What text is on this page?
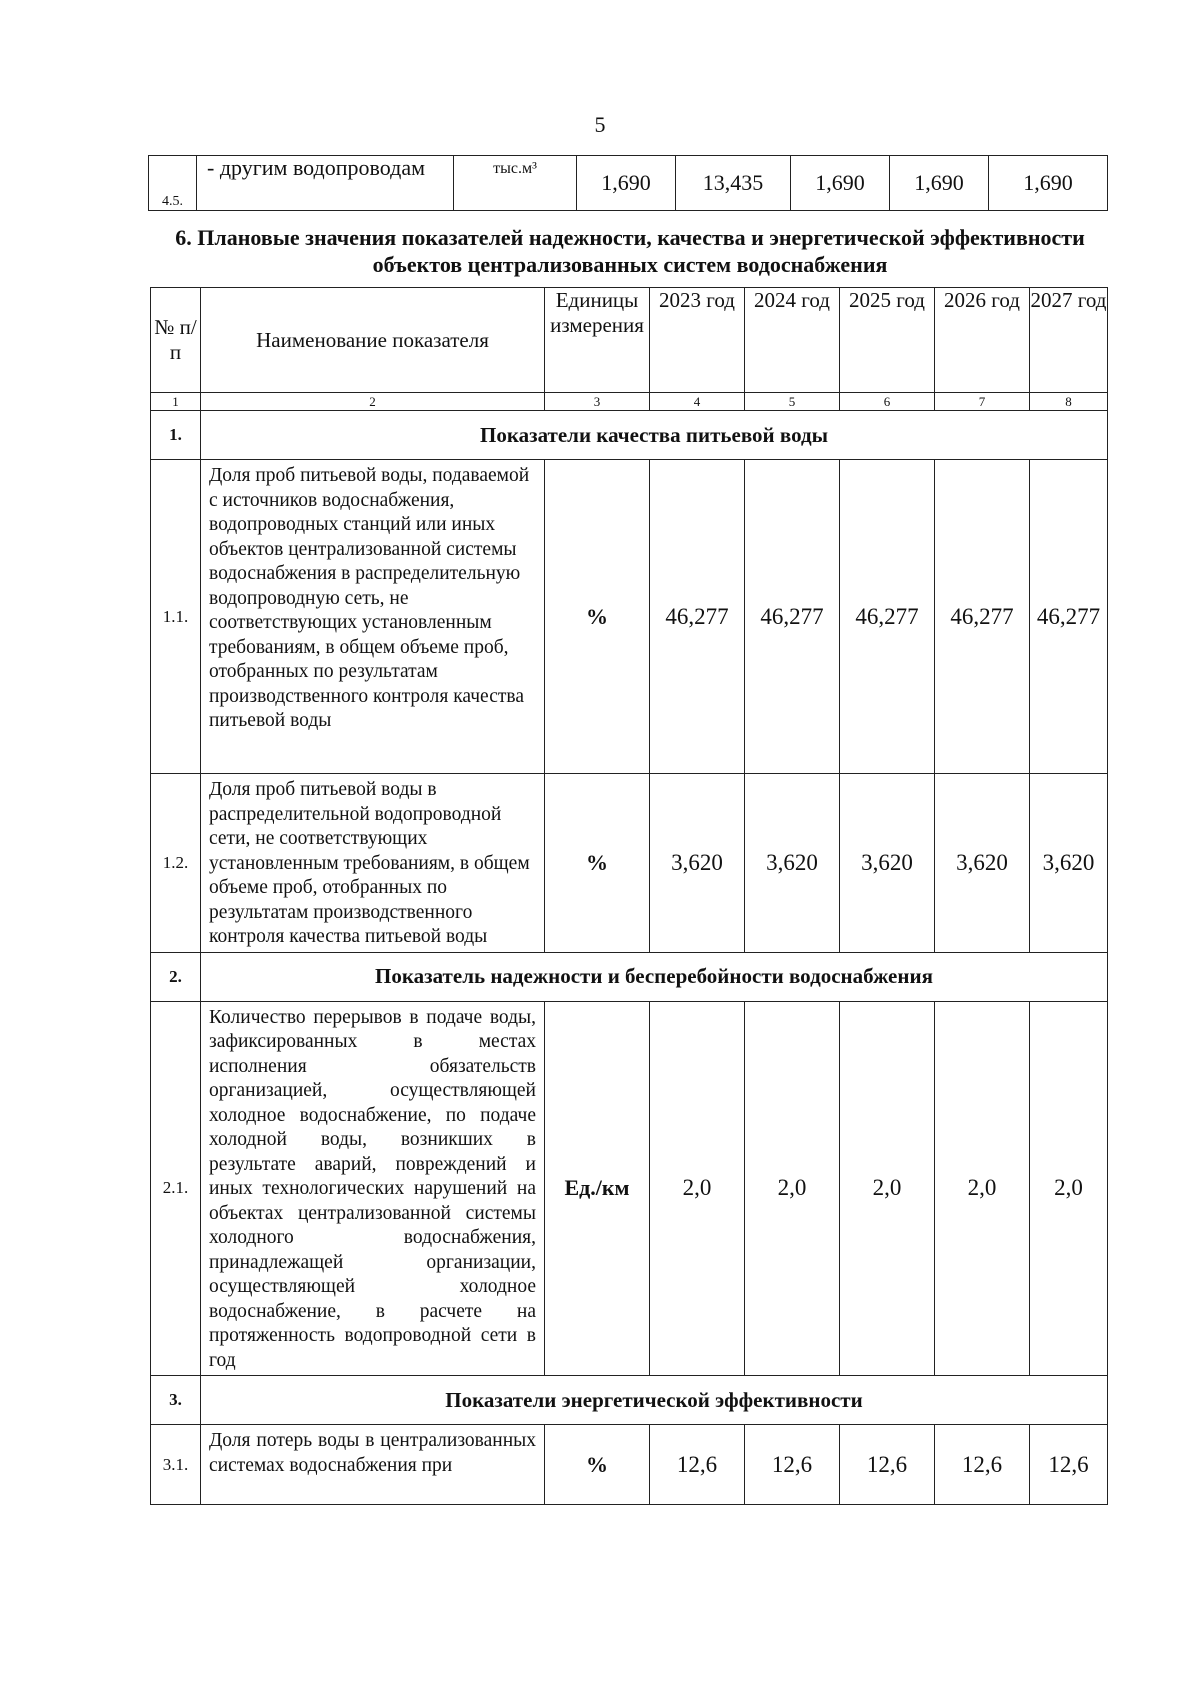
5
4.5.	- другим водопроводам	тыс.м³	1,690	13,435	1,690	1,690	1,690
6. Плановые значения показателей надежности, качества и энергетической эффективности объектов централизованных систем водоснабжения
№ п/п	Наименование показателя	Единицы измерения	2023 год	2024 год	2025 год	2026 год	2027 год
1	2	3	4	5	6	7	8
1.	Показатели качества питьевой воды						
1.1.	Доля проб питьевой воды, подаваемой с источников водоснабжения, водопроводных станций или иных объектов централизованной системы водоснабжения в распределительную водопроводную сеть, не соответствующих установленным требованиям, в общем объеме проб, отобранных по результатам производственного контроля качества питьевой воды	%	46,277	46,277	46,277	46,277	46,277
1.2.	Доля проб питьевой воды в распределительной водопроводной сети, не соответствующих установленным требованиям, в общем объеме проб, отобранных по результатам производственного контроля качества питьевой воды	%	3,620	3,620	3,620	3,620	3,620
2.	Показатель надежности и бесперебойности водоснабжения						
2.1.	Количество перерывов в подаче воды, зафиксированных в местах исполнения обязательств организацией, осуществляющей холодное водоснабжение, по подаче холодной воды, возникших в результате аварий, повреждений и иных технологических нарушений на объектах централизованной системы холодного водоснабжения, принадлежащей организации, осуществляющей холодное водоснабжение, в расчете на протяженность водопроводной сети в год	Ед./км	2,0	2,0	2,0	2,0	2,0
3.	Показатели энергетической эффективности						
3.1.	Доля потерь воды в централизованных системах водоснабжения при	%	12,6	12,6	12,6	12,6	12,6
